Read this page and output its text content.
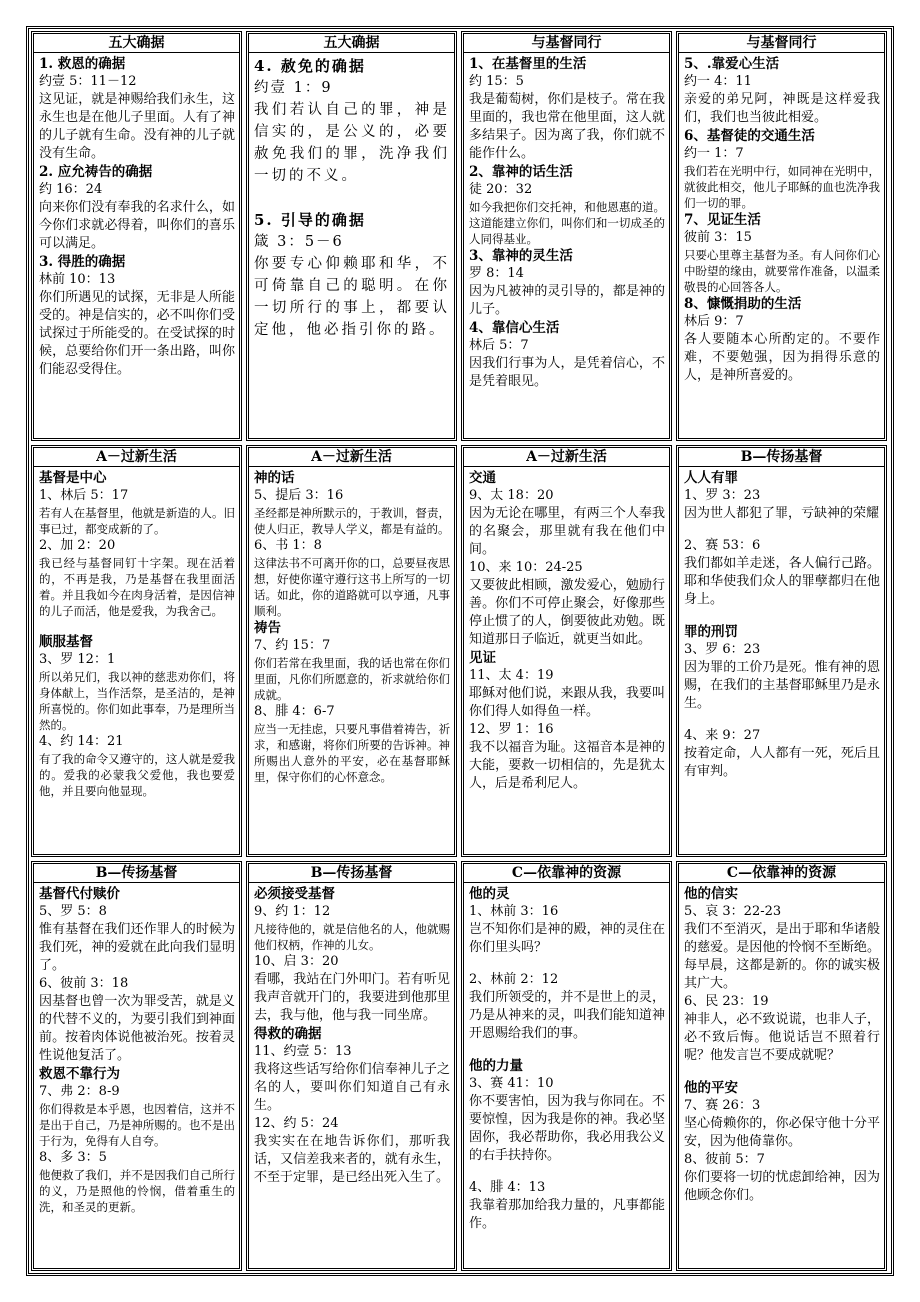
五大确据
1. 救恩的确据
约壹 5：11－12
这见证，就是神赐给我们永生，这永生也是在他儿子里面。人有了神的儿子就有生命。没有神的儿子就没有生命。
2. 应允祷告的确据
约 16：24
向来你们没有奉我的名求什么，如今你们求就必得着，叫你们的喜乐可以满足。
3. 得胜的确据
林前 10：13
你们所遇见的试探，无非是人所能受的。神是信实的，必不叫你们受试探过于所能受的。在受试探的时候，总要给你们开一条出路，叫你们能忍受得住。
五大确据
4. 赦免的确据
约壹 1：9
我们若认自己的罪，神是信实的，是公义的，必要赦免我们的罪，洗净我们一切的不义。
5. 引导的确据
箴 3：5－6
你要专心仰赖耶和华，不可倚靠自己的聪明。在你一切所行的事上，都要认定他，他必指引你的路。
与基督同行
1、在基督里的生活
约 15：5
我是葡萄树，你们是枝子。常在我里面的，我也常在他里面，这人就多结果子。因为离了我，你们就不能作什么。
2、靠神的话生活
徒 20：32
如今我把你们交托神，和他恩惠的道。这道能建立你们，叫你们和一切成圣的人同得基业。
3、靠神的灵生活
罗 8：14
因为凡被神的灵引导的，都是神的儿子。
4、靠信心生活
林后 5：7
因我们行事为人，是凭着信心，不是凭着眼见。
与基督同行
5、.靠爱心生活
约一 4：11
亲爱的弟兄阿，神既是这样爱我们，我们也当彼此相爱。
6、基督徒的交通生活
约一 1：7
我们若在光明中行，如同神在光明中，就彼此相交，他儿子耶稣的血也洗净我们一切的罪。
7、见证生活
彼前 3：15
只要心里尊主基督为圣。有人问你们心中盼望的缘由，就要常作准备，以温柔敬畏的心回答各人。
8、慷慨捐助的生活
林后 9：7
各人要随本心所酌定的。不要作难，不要勉强，因为捐得乐意的人，是神所喜爱的。
A－过新生活
基督是中心
1、林后 5：17
若有人在基督里，他就是新造的人。旧事已过，都变成新的了。
2、加 2：20
我已经与基督同钉十字架。现在活着的，不再是我，乃是基督在我里面活着。并且我如今在肉身活着，是因信神的儿子而活，他是爱我，为我舍己。
顺服基督
3、罗 12：1
所以弟兄们，我以神的慈悲劝你们，将身体献上，当作活祭，是圣洁的，是神所喜悦的。你们如此事奉，乃是理所当然的。
4、约 14：21
有了我的命令又遵守的，这人就是爱我的。爱我的必蒙我父爱他，我也要爱他，并且要向他显现。
A－过新生活
神的话
5、提后 3：16
圣经都是神所默示的，于教训，督责，使人归正，教导人学义，都是有益的。
6、书 1：8
这律法书不可离开你的口，总要昼夜思想，好使你谨守遵行这书上所写的一切话。如此，你的道路就可以亨通，凡事顺利。
祷告
7、约 15：7
你们若常在我里面，我的话也常在你们里面，凡你们所愿意的，祈求就给你们成就。
8、腓 4：6-7
应当一无挂虑，只要凡事借着祷告，祈求，和感谢，将你们所要的告诉神。神所赐出人意外的平安，必在基督耶稣里，保守你们的心怀意念。
A－过新生活
交通
9、太 18：20
因为无论在哪里，有两三个人奉我的名聚会，那里就有我在他们中间。
10、来 10：24-25
又要彼此相顾，激发爱心，勉励行善。你们不可停止聚会，好像那些停止惯了的人，倒要彼此劝勉。既知道那日子临近，就更当如此。
见证
11、太 4：19
耶稣对他们说，来跟从我，我要叫你们得人如得鱼一样。
12、罗 1：16
我不以福音为耻。这福音本是神的大能，要救一切相信的，先是犹太人，后是希利尼人。
B—传扬基督
人人有罪
1、罗 3：23
因为世人都犯了罪，亏缺神的荣耀
2、赛 53：6
我们都如羊走迷，各人偏行己路。耶和华使我们众人的罪孽都归在他身上。
罪的刑罚
3、罗 6：23
因为罪的工价乃是死。惟有神的恩赐，在我们的主基督耶稣里乃是永生。
4、来 9：27
按着定命，人人都有一死，死后且有审判。
B—传扬基督
基督代付赎价
5、罗 5：8
惟有基督在我们还作罪人的时候为我们死，神的爱就在此向我们显明了。
6、彼前 3：18
因基督也曾一次为罪受苦，就是义的代替不义的，为要引我们到神面前。按着肉体说他被治死。按着灵性说他复活了。
救恩不靠行为
7、弗 2：8-9
你们得救是本乎恩，也因着信，这并不是出于自己，乃是神所赐的。也不是出于行为，免得有人自夸。
8、多 3：5
他便救了我们，并不是因我们自己所行的义，乃是照他的怜悯，借着重生的洗，和圣灵的更新。
B—传扬基督
必须接受基督
9、约 1：12
凡接待他的，就是信他名的人，他就赐他们权柄，作神的儿女。
10、启 3：20
看哪，我站在门外叩门。若有听见我声音就开门的，我要进到他那里去，我与他，他与我一同坐席。
得救的确据
11、约壹 5：13
我将这些话写给你们信奉神儿子之名的人，要叫你们知道自己有永生。
12、约 5：24
我实实在在地告诉你们，那听我话，又信差我来者的，就有永生，不至于定罪，是已经出死入生了。
C—依靠神的资源
他的灵
1、林前 3：16
岂不知你们是神的殿，神的灵住在你们里头吗？
2、林前 2：12
我们所领受的，并不是世上的灵，乃是从神来的灵，叫我们能知道神开恩赐给我们的事。
他的力量
3、赛 41：10
你不要害怕，因为我与你同在。不要惊惶，因为我是你的神。我必坚固你，我必帮助你，我必用我公义的右手扶持你。
4、腓 4：13
我靠着那加给我力量的，凡事都能作。
C—依靠神的资源
他的信实
5、哀 3：22-23
我们不至消灭，是出于耶和华诸般的慈爱。是因他的怜悯不至断绝。每早晨，这都是新的。你的诚实极其广大。
6、民 23：19
神非人，必不致说谎，也非人子，必不致后悔。他说话岂不照着行呢？他发言岂不要成就呢？
他的平安
7、赛 26：3
坚心倚赖你的，你必保守他十分平安，因为他倚靠你。
8、彼前 5：7
你们要将一切的忧虑卸给神，因为他顾念你们。
